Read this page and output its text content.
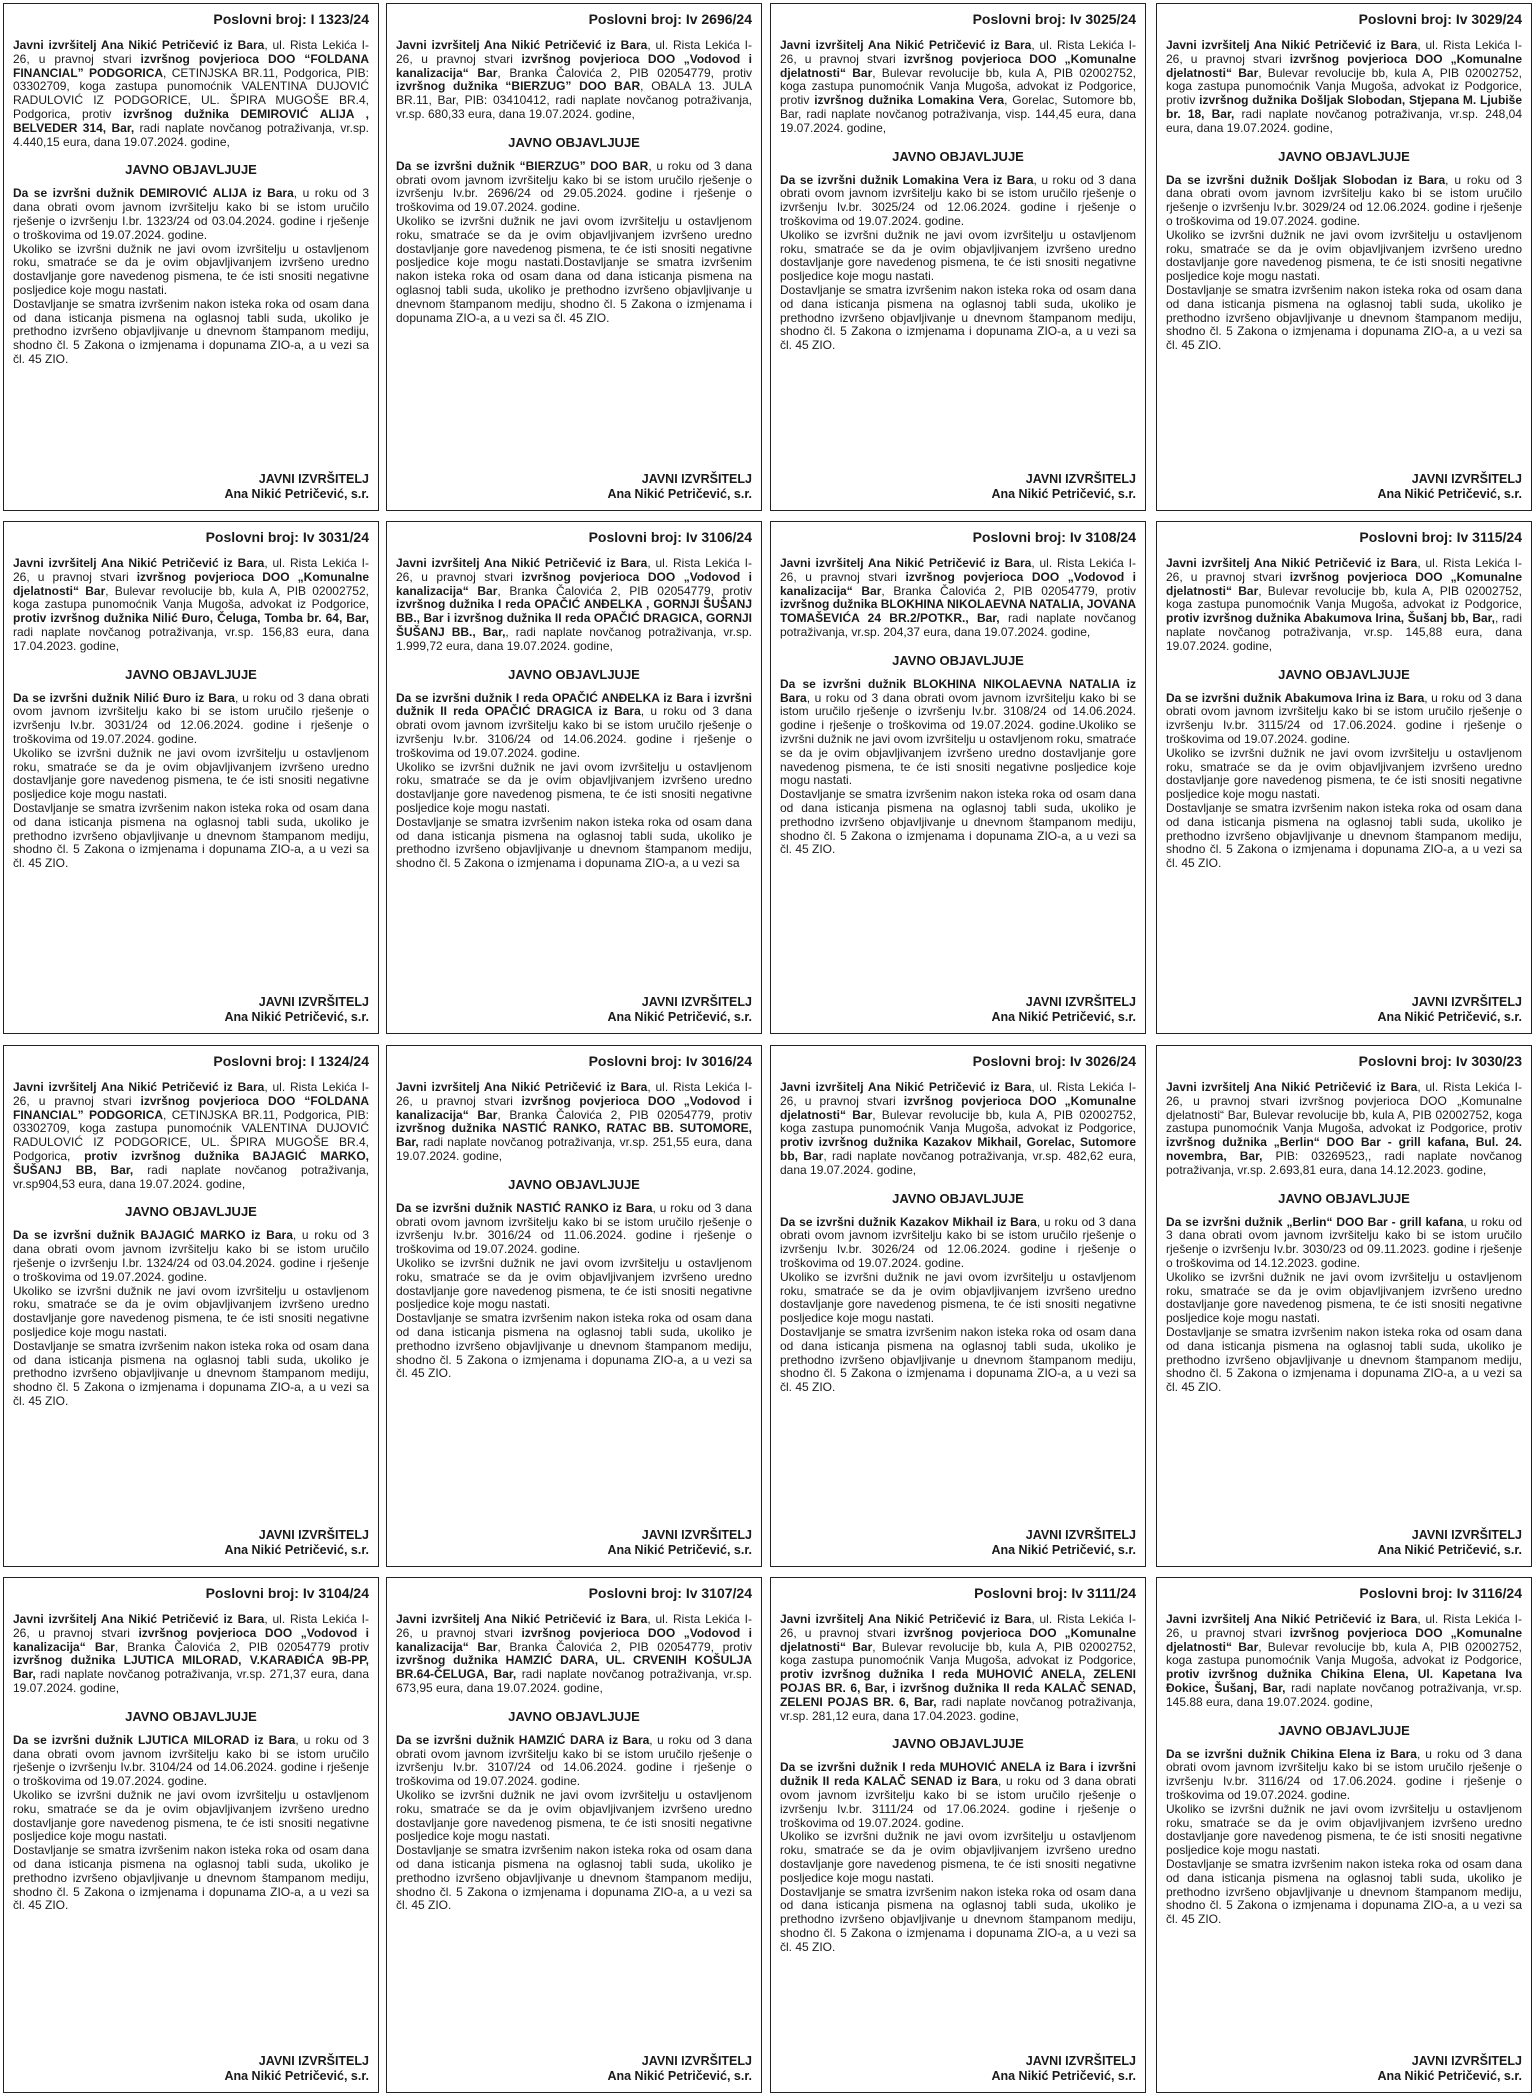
Poslovni broj: I 1323/24
Javni izvršitelj Ana Nikić Petričević iz Bara, ul. Rista Lekića I-26, u pravnoj stvari izvršnog povjerioca DOO “FOLDANA FINANCIAL” PODGORICA, CETINJSKA BR.11, Podgorica, PIB: 03302709, koga zastupa punomoćnik VALENTINA DUJOVIĆ RADULOVIĆ IZ PODGORICE, UL. ŠPIRA MUGOŠE BR.4, Podgorica, protiv izvršnog dužnika DEMIROVIĆ ALIJA , BELVEDER 314, Bar, radi naplate novčanog potraživanja, vr.sp. 4.440,15 eura, dana 19.07.2024. godine,
JAVNO OBJAVLJUJE

Da se izvršni dužnik DEMIROVIĆ ALIJA iz Bara, u roku od 3 dana obrati ovom javnom izvršitelju kako bi se istom uručilo rješenje o izvršenju I.br. 1323/24 od 03.04.2024. godine i rješenje o troškovima od 19.07.2024. godine.

Ukoliko se izvršni dužnik ne javi ovom izvršitelju u ostavljenom roku, smatraće se da je ovim objavljivanjem izvršeno uredno dostavljanje gore navedenog pismena, te će isti snositi negativne posljedice koje mogu nastati.

Dostavljanje se smatra izvršenim nakon isteka roka od osam dana od dana isticanja pismena na oglasnoj tabli suda, ukoliko je prethodno izvršeno objavljivanje u dnevnom štampanom mediju, shodno čl. 5 Zakona o izmjenama i dopunama ZIO-a, a u vezi sa čl. 45 ZIO.

JAVNI IZVRŠITELJ
Ana Nikić Petričević, s.r.
Poslovni broj: Iv 2696/24
Javni izvršitelj Ana Nikić Petričević iz Bara, ul. Rista Lekića I-26, u pravnoj stvari izvršnog povjerioca DOO „Vodovod i kanalizacija“ Bar, Branka Čalovića 2, PIB 02054779, protiv izvršnog dužnika “BIERZUG” DOO BAR, OBALA 13. JULA BR.11, Bar, PIB: 03410412, radi naplate novčanog potraživanja, vr.sp. 680,33 eura, dana 19.07.2024. godine,
JAVNO OBJAVLJUJE

Da se izvršni dužnik “BIERZUG” DOO BAR, u roku od 3 dana obrati ovom javnom izvršitelju kako bi se istom uručilo rješenje o izvršenju Iv.br. 2696/24 od 29.05.2024. godine i rješenje o troškovima od 19.07.2024. godine.

Ukoliko se izvršni dužnik ne javi ovom izvršitelju u ostavljenom roku, smatraće se da je ovim objavljivanjem izvršeno uredno dostavljanje gore navedenog pismena, te će isti snositi negativne posljedice koje mogu nastati.Dostavljanje se smatra izvršenim nakon isteka roka od osam dana od dana isticanja pismena na oglasnoj tabli suda, ukoliko je prethodno izvršeno objavljivanje u dnevnom štampanom mediju, shodno čl. 5 Zakona o izmjenama i dopunama ZIO-a, a u vezi sa čl. 45 ZIO.

JAVNI IZVRŠITELJ
Ana Nikić Petričević, s.r.
Poslovni broj: Iv 3025/24
Javni izvršitelj Ana Nikić Petričević iz Bara, ul. Rista Lekića I-26, u pravnoj stvari izvršnog povjerioca DOO „Komunalne djelatnosti“ Bar, Bulevar revolucije bb, kula A, PIB 02002752, koga zastupa punomoćnik Vanja Mugoša, advokat iz Podgorice, protiv izvršnog dužnika Lomakina Vera, Gorelac, Sutomore bb, Bar, radi naplate novčanog potraživanja, visp. 144,45 eura, dana 19.07.2024. godine,
JAVNO OBJAVLJUJE

Da se izvršni dužnik Lomakina Vera iz Bara, u roku od 3 dana obrati ovom javnom izvršitelju kako bi se istom uručilo rješenje o izvršenju Iv.br. 3025/24 od 12.06.2024. godine i rješenje o troškovima od 19.07.2024. godine.

Ukoliko se izvršni dužnik ne javi ovom izvršitelju u ostavljenom roku, smatraće se da je ovim objavljivanjem izvršeno uredno dostavljanje gore navedenog pismena, te će isti snositi negativne posljedice koje mogu nastati.

Dostavljanje se smatra izvršenim nakon isteka roka od osam dana od dana isticanja pismena na oglasnoj tabli suda, ukoliko je prethodno izvršeno objavljivanje u dnevnom štampanom mediju, shodno čl. 5 Zakona o izmjenama i dopunama ZIO-a, a u vezi sa čl. 45 ZIO.

JAVNI IZVRŠITELJ
Ana Nikić Petričević, s.r.
Poslovni broj: Iv 3029/24
Javni izvršitelj Ana Nikić Petričević iz Bara, ul. Rista Lekića I-26, u pravnoj stvari izvršnog povjerioca DOO „Komunalne djelatnosti“ Bar, Bulevar revolucije bb, kula A, PIB 02002752, koga zastupa punomoćnik Vanja Mugoša, advokat iz Podgorice, protiv izvršnog dužnika Došljak Slobodan, Stjepana M. Ljubiše br. 18, Bar, radi naplate novčanog potraživanja, vr.sp. 248,04 eura, dana 19.07.2024. godine,
JAVNO OBJAVLJUJE

Da se izvršni dužnik Došljak Slobodan iz Bara, u roku od 3 dana obrati ovom javnom izvršitelju kako bi se istom uručilo rješenje o izvršenju Iv.br. 3029/24 od 12.06.2024. godine i rješenje o troškovima od 19.07.2024. godine.

Ukoliko se izvršni dužnik ne javi ovom izvršitelju u ostavljenom roku, smatraće se da je ovim objavljivanjem izvršeno uredno dostavljanje gore navedenog pismena, te će isti snositi negativne posljedice koje mogu nastati.

Dostavljanje se smatra izvršenim nakon isteka roka od osam dana od dana isticanja pismena na oglasnoj tabli suda, ukoliko je prethodno izvršeno objavljivanje u dnevnom štampanom mediju, shodno čl. 5 Zakona o izmjenama i dopunama ZIO-a, a u vezi sa čl. 45 ZIO.

JAVNI IZVRŠITELJ
Ana Nikić Petričević, s.r.
Poslovni broj: Iv 3031/24
Javni izvršitelj Ana Nikić Petričević iz Bara, ul. Rista Lekića I-26, u pravnoj stvari izvršnog povjerioca DOO „Komunalne djelatnosti“ Bar, Bulevar revolucije bb, kula A, PIB 02002752, koga zastupa punomoćnik Vanja Mugoša, advokat iz Podgorice, protiv izvršnog dužnika Nilić Đuro, Čeluga, Tomba br. 64, Bar, radi naplate novčanog potraživanja, vr.sp. 156,83 eura, dana 17.04.2023. godine,
JAVNO OBJAVLJUJE

Da se izvršni dužnik Nilić Đuro iz Bara, u roku od 3 dana obrati ovom javnom izvršitelju kako bi se istom uručilo rješenje o izvršenju Iv.br. 3031/24 od 12.06.2024. godine i rješenje o troškovima od 19.07.2024. godine.

Ukoliko se izvršni dužnik ne javi ovom izvršitelju u ostavljenom roku, smatraće se da je ovim objavljivanjem izvršeno uredno dostavljanje gore navedenog pismena, te će isti snositi negativne posljedice koje mogu nastati.

Dostavljanje se smatra izvršenim nakon isteka roka od osam dana od dana isticanja pismena na oglasnoj tabli suda, ukoliko je prethodno izvršeno objavljivanje u dnevnom štampanom mediju, shodno čl. 5 Zakona o izmjenama i dopunama ZIO-a, a u vezi sa čl. 45 ZIO.

JAVNI IZVRŠITELJ
Ana Nikić Petričević, s.r.
Poslovni broj: Iv 3106/24
Javni izvršitelj Ana Nikić Petričević iz Bara, ul. Rista Lekića I-26, u pravnoj stvari izvršnog povjerioca DOO „Vodovod i kanalizacija“ Bar, Branka Čalovića 2, PIB 02054779, protiv izvršnog dužnika I reda OPAČIĆ ANĐELKA , GORNJI ŠUŠANJ BB., Bar i izvršnog dužnika II reda OPAČIĆ DRAGICA, GORNJI ŠUŠANJ BB., Bar,, radi naplate novčanog potraživanja, vr.sp. 1.999,72 eura, dana 19.07.2024. godine,
JAVNO OBJAVLJUJE

Da se izvršni dužnik I reda OPAČIĆ ANĐELKA iz Bara i izvršni dužnik II reda OPAČIĆ DRAGICA iz Bara, u roku od 3 dana obrati ovom javnom izvršitelju kako bi se istom uručilo rješenje o izvršenju Iv.br. 3106/24 od 14.06.2024. godine i rješenje o troškovima od 19.07.2024. godine.

Ukoliko se izvršni dužnik ne javi ovom izvršitelju u ostavljenom roku, smatraće se da je ovim objavljivanjem izvršeno uredno dostavljanje gore navedenog pismena, te će isti snositi negativne posljedice koje mogu nastati.

Dostavljanje se smatra izvršenim nakon isteka roka od osam dana od dana isticanja pismena na oglasnoj tabli suda, ukoliko je prethodno izvršeno objavljivanje u dnevnom štampanom mediju, shodno čl. 5 Zakona o izmjenama i dopunama ZIO-a, a u vezi sa

JAVNI IZVRŠITELJ
Ana Nikić Petričević, s.r.
Poslovni broj: Iv 3108/24
Javni izvršitelj Ana Nikić Petričević iz Bara, ul. Rista Lekića I-26, u pravnoj stvari izvršnog povjerioca DOO „Vodovod i kanalizacija“ Bar, Branka Čalovića 2, PIB 02054779, protiv izvršnog dužnika BLOKHINA NIKOLAEVNA NATALIA, JOVANA TOMAŠEVIĆA 24 BR.2/POTKR., Bar, radi naplate novčanog potraživanja, vr.sp. 204,37 eura, dana 19.07.2024. godine,
JAVNO OBJAVLJUJE

Da se izvršni dužnik BLOKHINA NIKOLAEVNA NATALIA iz Bara, u roku od 3 dana obrati ovom javnom izvršitelju kako bi se istom uručilo rješenje o izvršenju Iv.br. 3108/24 od 14.06.2024. godine i rješenje o troškovima od 19.07.2024. godine.Ukoliko se izvršni dužnik ne javi ovom izvršitelju u ostavljenom roku, smatraće se da je ovim objavljivanjem izvršeno uredno dostavljanje gore navedenog pismena, te će isti snositi negativne posljedice koje mogu nastati.

Dostavljanje se smatra izvršenim nakon isteka roka od osam dana od dana isticanja pismena na oglasnoj tabli suda, ukoliko je prethodno izvršeno objavljivanje u dnevnom štampanom mediju, shodno čl. 5 Zakona o izmjenama i dopunama ZIO-a, a u vezi sa čl. 45 ZIO.

JAVNI IZVRŠITELJ
Ana Nikić Petričević, s.r.
Poslovni broj: Iv 3115/24
Javni izvršitelj Ana Nikić Petričević iz Bara, ul. Rista Lekića I-26, u pravnoj stvari izvršnog povjerioca DOO „Komunalne djelatnosti“ Bar, Bulevar revolucije bb, kula A, PIB 02002752, koga zastupa punomoćnik Vanja Mugoša, advokat iz Podgorice, protiv izvršnog dužnika Abakumova Irina, Šušanj bb, Bar,, radi naplate novčanog potraživanja, vr.sp. 145,88 eura, dana 19.07.2024. godine,
JAVNO OBJAVLJUJE

Da se izvršni dužnik Abakumova Irina iz Bara, u roku od 3 dana obrati ovom javnom izvršitelju kako bi se istom uručilo rješenje o izvršenju Iv.br. 3115/24 od 17.06.2024. godine i rješenje o troškovima od 19.07.2024. godine.

Ukoliko se izvršni dužnik ne javi ovom izvršitelju u ostavljenom roku, smatraće se da je ovim objavljivanjem izvršeno uredno dostavljanje gore navedenog pismena, te će isti snositi negativne posljedice koje mogu nastati.

Dostavljanje se smatra izvršenim nakon isteka roka od osam dana od dana isticanja pismena na oglasnoj tabli suda, ukoliko je prethodno izvršeno objavljivanje u dnevnom štampanom mediju, shodno čl. 5 Zakona o izmjenama i dopunama ZIO-a, a u vezi sa čl. 45 ZIO.

JAVNI IZVRŠITELJ
Ana Nikić Petričević, s.r.
Poslovni broj: I 1324/24
Javni izvršitelj Ana Nikić Petričević iz Bara, ul. Rista Lekića I-26, u pravnoj stvari izvršnog povjerioca DOO “FOLDANA FINANCIAL” PODGORICA, CETINJSKA BR.11, Podgorica, PIB: 03302709, koga zastupa punomoćnik VALENTINA DUJOVIĆ RADULOVIĆ IZ PODGORICE, UL. ŠPIRA MUGOŠE BR.4, Podgorica, protiv izvršnog dužnika BAJAGIĆ MARKO, ŠUŠANJ BB, Bar, radi naplate novčanog potraživanja, vr.sp904,53 eura, dana 19.07.2024. godine,
JAVNO OBJAVLJUJE

Da se izvršni dužnik BAJAGIĆ MARKO iz Bara, u roku od 3 dana obrati ovom javnom izvršitelju kako bi se istom uručilo rješenje o izvršenju I.br. 1324/24 od 03.04.2024. godine i rješenje o troškovima od 19.07.2024. godine.

Ukoliko se izvršni dužnik ne javi ovom izvršitelju u ostavljenom roku, smatraće se da je ovim objavljivanjem izvršeno uredno dostavljanje gore navedenog pismena, te će isti snositi negativne posljedice koje mogu nastati.

Dostavljanje se smatra izvršenim nakon isteka roka od osam dana od dana isticanja pismena na oglasnoj tabli suda, ukoliko je prethodno izvršeno objavljivanje u dnevnom štampanom mediju, shodno čl. 5 Zakona o izmjenama i dopunama ZIO-a, a u vezi sa čl. 45 ZIO.

JAVNI IZVRŠITELJ
Ana Nikić Petričević, s.r.
Poslovni broj: Iv 3016/24
Javni izvršitelj Ana Nikić Petričević iz Bara, ul. Rista Lekića I-26, u pravnoj stvari izvršnog povjerioca DOO „Vodovod i kanalizacija“ Bar, Branka Čalovića 2, PIB 02054779, protiv izvršnog dužnika NASTIĆ RANKO, RATAC BB. SUTOMORE, Bar, radi naplate novčanog potraživanja, vr.sp. 251,55 eura, dana 19.07.2024. godine,
JAVNO OBJAVLJUJE

Da se izvršni dužnik NASTIĆ RANKO iz Bara, u roku od 3 dana obrati ovom javnom izvršitelju kako bi se istom uručilo rješenje o izvršenju Iv.br. 3016/24 od 11.06.2024. godine i rješenje o troškovima od 19.07.2024. godine.

Ukoliko se izvršni dužnik ne javi ovom izvršitelju u ostavljenom roku, smatraće se da je ovim objavljivanjem izvršeno uredno dostavljanje gore navedenog pismena, te će isti snositi negativne posljedice koje mogu nastati.

Dostavljanje se smatra izvršenim nakon isteka roka od osam dana od dana isticanja pismena na oglasnoj tabli suda, ukoliko je prethodno izvršeno objavljivanje u dnevnom štampanom mediju, shodno čl. 5 Zakona o izmjenama i dopunama ZIO-a, a u vezi sa čl. 45 ZIO.

JAVNI IZVRŠITELJ
Ana Nikić Petričević, s.r.
Poslovni broj: Iv 3026/24
Javni izvršitelj Ana Nikić Petričević iz Bara, ul. Rista Lekića I-26, u pravnoj stvari izvršnog povjerioca DOO „Komunalne djelatnosti“ Bar, Bulevar revolucije bb, kula A, PIB 02002752, koga zastupa punomoćnik Vanja Mugoša, advokat iz Podgorice, protiv izvršnog dužnika Kazakov Mikhail, Gorelac, Sutomore bb, Bar, radi naplate novčanog potraživanja, vr.sp. 482,62 eura, dana 19.07.2024. godine,
JAVNO OBJAVLJUJE

Da se izvršni dužnik Kazakov Mikhail iz Bara, u roku od 3 dana obrati ovom javnom izvršitelju kako bi se istom uručilo rješenje o izvršenju Iv.br. 3026/24 od 12.06.2024. godine i rješenje o troškovima od 19.07.2024. godine.

Ukoliko se izvršni dužnik ne javi ovom izvršitelju u ostavljenom roku, smatraće se da je ovim objavljivanjem izvršeno uredno dostavljanje gore navedenog pismena, te će isti snositi negativne posljedice koje mogu nastati.

Dostavljanje se smatra izvršenim nakon isteka roka od osam dana od dana isticanja pismena na oglasnoj tabli suda, ukoliko je prethodno izvršeno objavljivanje u dnevnom štampanom mediju, shodno čl. 5 Zakona o izmjenama i dopunama ZIO-a, a u vezi sa čl. 45 ZIO.

JAVNI IZVRŠITELJ
Ana Nikić Petričević, s.r.
Poslovni broj: Iv 3030/23
Javni izvršitelj Ana Nikić Petričević iz Bara, ul. Rista Lekića I-26, u pravnoj stvari izvršnog povjerioca DOO „Komunalne djelatnosti“ Bar, Bulevar revolucije bb, kula A, PIB 02002752, koga zastupa punomoćnik Vanja Mugoša, advokat iz Podgorice, protiv izvršnog dužnika „Berlin“ DOO Bar - grill kafana, Bul. 24. novembra, Bar, PIB: 03269523,, radi naplate novčanog potraživanja, vr.sp. 2.693,81 eura, dana 14.12.2023. godine,
JAVNO OBJAVLJUJE

Da se izvršni dužnik „Berlin“ DOO Bar - grill kafana, u roku od 3 dana obrati ovom javnom izvršitelju kako bi se istom uručilo rješenje o izvršenju Iv.br. 3030/23 od 09.11.2023. godine i rješenje o troškovima od 14.12.2023. godine.

Ukoliko se izvršni dužnik ne javi ovom izvršitelju u ostavljenom roku, smatraće se da je ovim objavljivanjem izvršeno uredno dostavljanje gore navedenog pismena, te će isti snositi negativne posljedice koje mogu nastati.

Dostavljanje se smatra izvršenim nakon isteka roka od osam dana od dana isticanja pismena na oglasnoj tabli suda, ukoliko je prethodno izvršeno objavljivanje u dnevnom štampanom mediju, shodno čl. 5 Zakona o izmjenama i dopunama ZIO-a, a u vezi sa čl. 45 ZIO.

JAVNI IZVRŠITELJ
Ana Nikić Petričević, s.r.
Poslovni broj: Iv 3104/24
Javni izvršitelj Ana Nikić Petričević iz Bara, ul. Rista Lekića I-26, u pravnoj stvari izvršnog povjerioca DOO „Vodovod i kanalizacija“ Bar, Branka Čalovića 2, PIB 02054779 protiv izvršnog dužnika LJUTICA MILORAD, V.KARAĐIĆA 9B-PP, Bar, radi naplate novčanog potraživanja, vr.sp. 271,37 eura, dana 19.07.2024. godine,
JAVNO OBJAVLJUJE

Da se izvršni dužnik LJUTICA MILORAD iz Bara, u roku od 3 dana obrati ovom javnom izvršitelju kako bi se istom uručilo rješenje o izvršenju Iv.br. 3104/24 od 14.06.2024. godine i rješenje o troškovima od 19.07.2024. godine.

Ukoliko se izvršni dužnik ne javi ovom izvršitelju u ostavljenom roku, smatraće se da je ovim objavljivanjem izvršeno uredno dostavljanje gore navedenog pismena, te će isti snositi negativne posljedice koje mogu nastati.

Dostavljanje se smatra izvršenim nakon isteka roka od osam dana od dana isticanja pismena na oglasnoj tabli suda, ukoliko je prethodno izvršeno objavljivanje u dnevnom štampanom mediju, shodno čl. 5 Zakona o izmjenama i dopunama ZIO-a, a u vezi sa čl. 45 ZIO.

JAVNI IZVRŠITELJ
Ana Nikić Petričević, s.r.
Poslovni broj: Iv 3107/24
Javni izvršitelj Ana Nikić Petričević iz Bara, ul. Rista Lekića I-26, u pravnoj stvari izvršnog povjerioca DOO „Vodovod i kanalizacija“ Bar, Branka Čalovića 2, PIB 02054779, protiv izvršnog dužnika HAMZIĆ DARA, UL. CRVENIH KOŠULJA BR.64-ČELUGA, Bar, radi naplate novčanog potraživanja, vr.sp. 673,95 eura, dana 19.07.2024. godine,
JAVNO OBJAVLJUJE

Da se izvršni dužnik HAMZIĆ DARA iz Bara, u roku od 3 dana obrati ovom javnom izvršitelju kako bi se istom uručilo rješenje o izvršenju Iv.br. 3107/24 od 14.06.2024. godine i rješenje o troškovima od 19.07.2024. godine.

Ukoliko se izvršni dužnik ne javi ovom izvršitelju u ostavljenom roku, smatraće se da je ovim objavljivanjem izvršeno uredno dostavljanje gore navedenog pismena, te će isti snositi negativne posljedice koje mogu nastati.

Dostavljanje se smatra izvršenim nakon isteka roka od osam dana od dana isticanja pismena na oglasnoj tabli suda, ukoliko je prethodno izvršeno objavljivanje u dnevnom štampanom mediju, shodno čl. 5 Zakona o izmjenama i dopunama ZIO-a, a u vezi sa čl. 45 ZIO.

JAVNI IZVRŠITELJ
Ana Nikić Petričević, s.r.
Poslovni broj: Iv 3111/24
Javni izvršitelj Ana Nikić Petričević iz Bara, ul. Rista Lekića I-26, u pravnoj stvari izvršnog povjerioca DOO „Komunalne djelatnosti“ Bar, Bulevar revolucije bb, kula A, PIB 02002752, koga zastupa punomoćnik Vanja Mugoša, advokat iz Podgorice, protiv izvršnog dužnika I reda MUHOVIĆ ANELA, ZELENI POJAS BR. 6, Bar, i izvršnog dužnika II reda KALAČ SENAD, ZELENI POJAS BR. 6, Bar, radi naplate novčanog potraživanja, vr.sp. 281,12 eura, dana 17.04.2023. godine,
JAVNO OBJAVLJUJE

Da se izvršni dužnik I reda MUHOVIĆ ANELA iz Bara i izvršni dužnik II reda KALAČ SENAD iz Bara, u roku od 3 dana obrati ovom javnom izvršitelju kako bi se istom uručilo rješenje o izvršenju Iv.br. 3111/24 od 17.06.2024. godine i rješenje o troškovima od 19.07.2024. godine.

Ukoliko se izvršni dužnik ne javi ovom izvršitelju u ostavljenom roku, smatraće se da je ovim objavljivanjem izvršeno uredno dostavljanje gore navedenog pismena, te će isti snositi negativne posljedice koje mogu nastati.

Dostavljanje se smatra izvršenim nakon isteka roka od osam dana od dana isticanja pismena na oglasnoj tabli suda, ukoliko je prethodno izvršeno objavljivanje u dnevnom štampanom mediju, shodno čl. 5 Zakona o izmjenama i dopunama ZIO-a, a u vezi sa čl. 45 ZIO.

JAVNI IZVRŠITELJ
Ana Nikić Petričević, s.r.
Poslovni broj: Iv 3116/24
Javni izvršitelj Ana Nikić Petričević iz Bara, ul. Rista Lekića I-26, u pravnoj stvari izvršnog povjerioca DOO „Komunalne djelatnosti“ Bar, Bulevar revolucije bb, kula A, PIB 02002752, koga zastupa punomoćnik Vanja Mugoša, advokat iz Podgorice, protiv izvršnog dužnika Chikina Elena, Ul. Kapetana Iva Đokice, Šušanj, Bar, radi naplate novčanog potraživanja, vr.sp. 145.88 eura, dana 19.07.2024. godine,
JAVNO OBJAVLJUJE

Da se izvršni dužnik Chikina Elena iz Bara, u roku od 3 dana obrati ovom javnom izvršitelju kako bi se istom uručilo rješenje o izvršenju Iv.br. 3116/24 od 17.06.2024. godine i rješenje o troškovima od 19.07.2024. godine.

Ukoliko se izvršni dužnik ne javi ovom izvršitelju u ostavljenom roku, smatraće se da je ovim objavljivanjem izvršeno uredno dostavljanje gore navedenog pismena, te će isti snositi negativne posljedice koje mogu nastati.

Dostavljanje se smatra izvršenim nakon isteka roka od osam dana od dana isticanja pismena na oglasnoj tabli suda, ukoliko je prethodno izvršeno objavljivanje u dnevnom štampanom mediju, shodno čl. 5 Zakona o izmjenama i dopunama ZIO-a, a u vezi sa čl. 45 ZIO.

JAVNI IZVRŠITELJ
Ana Nikić Petričević, s.r.
